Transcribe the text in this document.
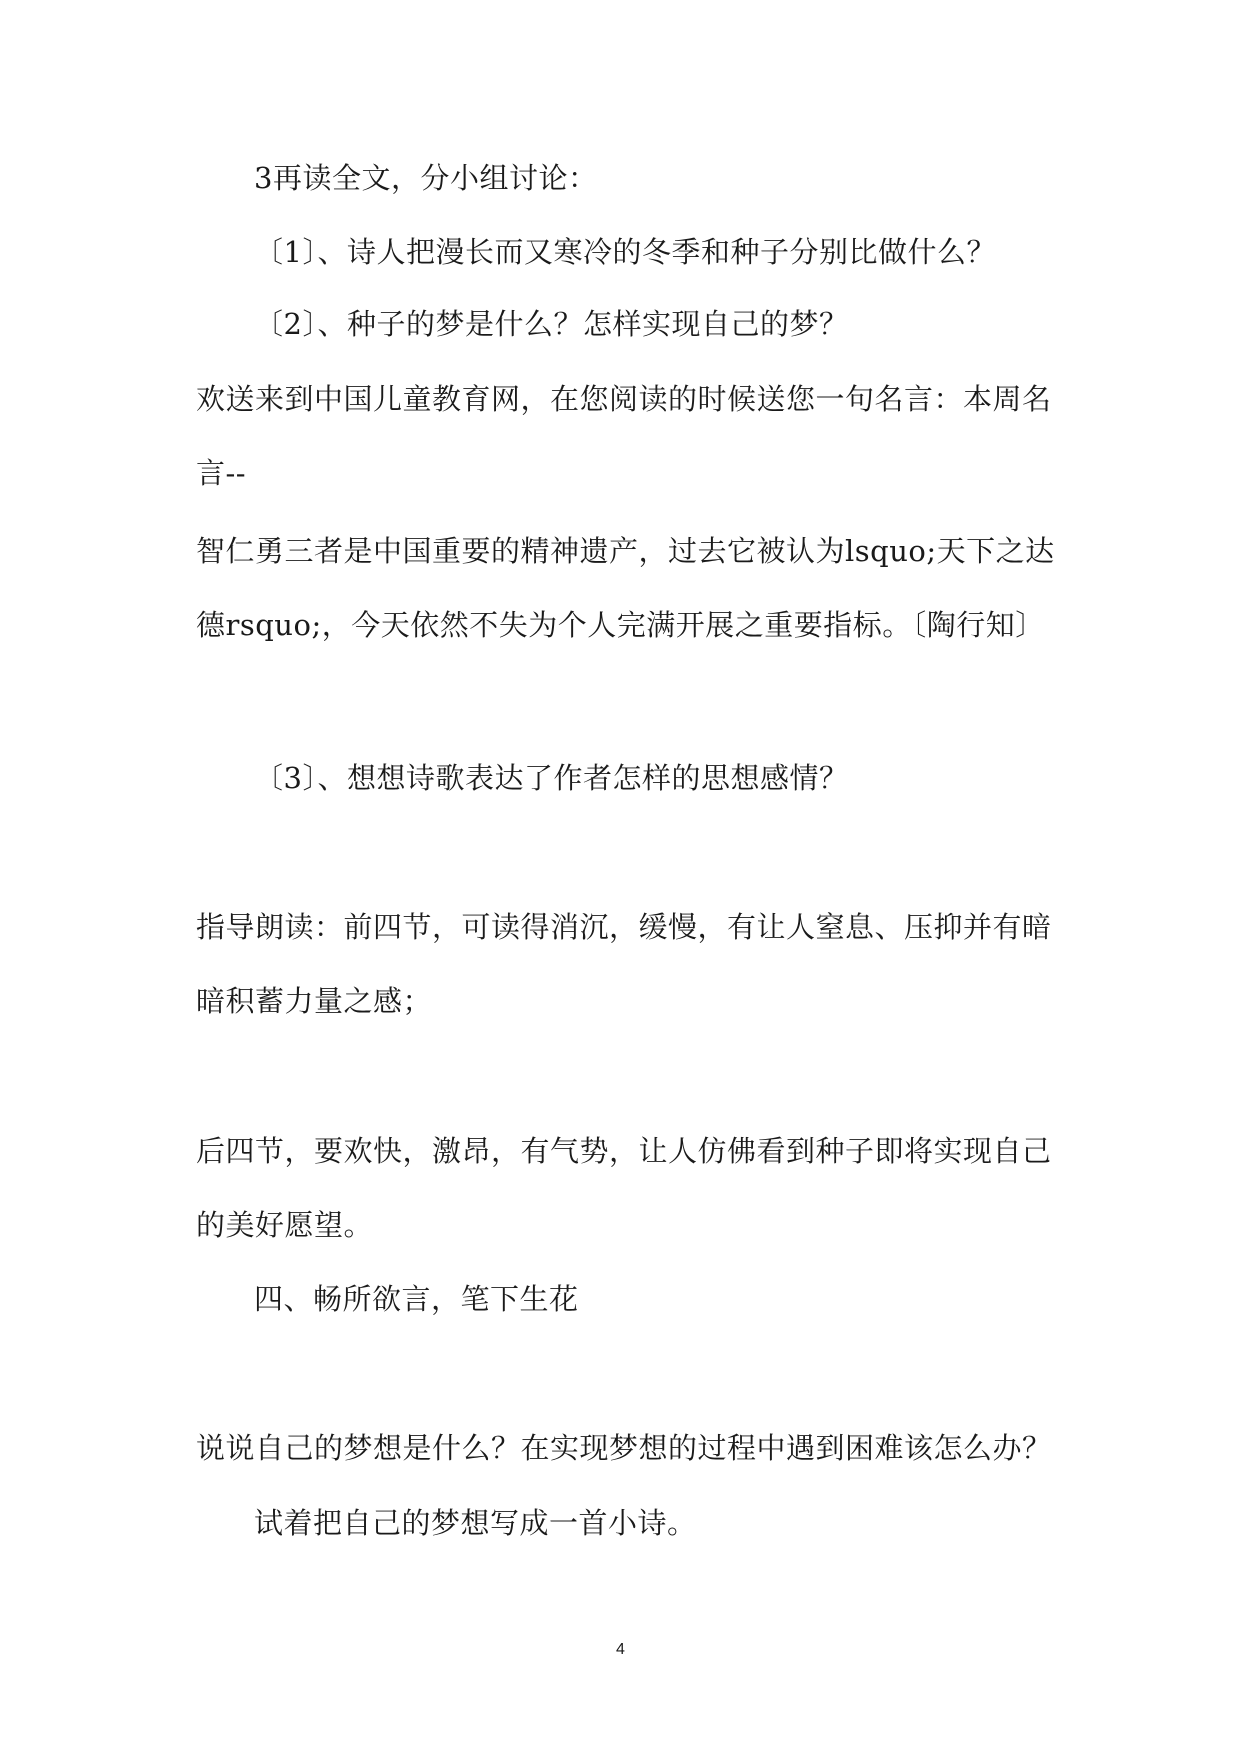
3再读全文，分小组讨论：
〔1〕、诗人把漫长而又寒冷的冬季和种子分别比做什么？
〔2〕、种子的梦是什么？怎样实现自己的梦？
欢送来到中国儿童教育网，在您阅读的时候送您一句名言：本周名
言--
智仁勇三者是中国重要的精神遗产，过去它被认为lsquo;天下之达
德rsquo;，今天依然不失为个人完满开展之重要指标。〔陶行知〕
〔3〕、想想诗歌表达了作者怎样的思想感情？
指导朗读：前四节，可读得消沉，缓慢，有让人窒息、压抑并有暗
暗积蓄力量之感；
后四节，要欢快，激昂，有气势，让人仿佛看到种子即将实现自己
的美好愿望。
四、畅所欲言，笔下生花
说说自己的梦想是什么？在实现梦想的过程中遇到困难该怎么办？
试着把自己的梦想写成一首小诗。
4
